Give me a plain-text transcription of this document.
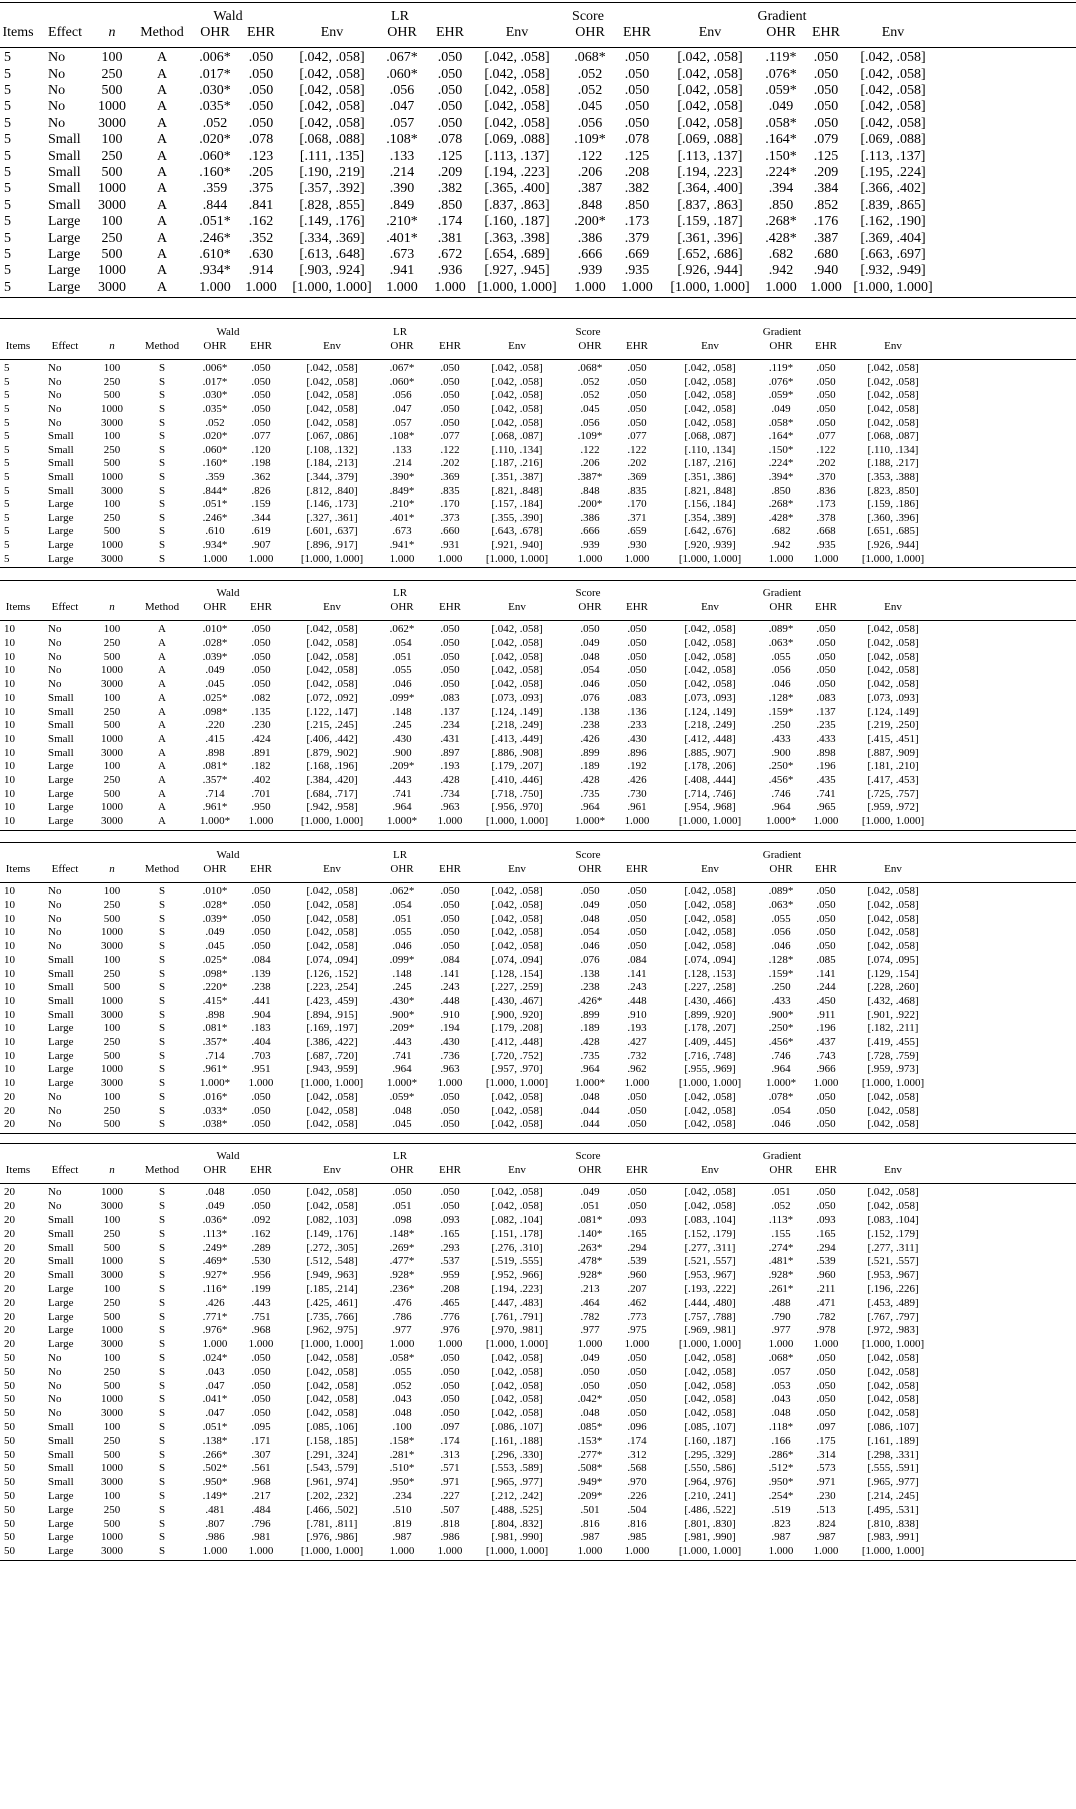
Wald	LR	Score	Gradient
Items	Effect	n	Method	OHR	EHR	Env	OHR	EHR	Env	OHR	EHR	Env	OHR	EHR	Env
5	No	100	A	.006*	.050	[.042, .058]	.067*	.050	[.042, .058]	.068*	.050	[.042, .058]	.119*	.050	[.042, .058]
5	No	250	A	.017*	.050	[.042, .058]	.060*	.050	[.042, .058]	.052	.050	[.042, .058]	.076*	.050	[.042, .058]
5	No	500	A	.030*	.050	[.042, .058]	.056	.050	[.042, .058]	.052	.050	[.042, .058]	.059*	.050	[.042, .058]
5	No	1000	A	.035*	.050	[.042, .058]	.047	.050	[.042, .058]	.045	.050	[.042, .058]	.049	.050	[.042, .058]
5	No	3000	A	.052	.050	[.042, .058]	.057	.050	[.042, .058]	.056	.050	[.042, .058]	.058*	.050	[.042, .058]
5	Small	100	A	.020*	.078	[.068, .088]	.108*	.078	[.069, .088]	.109*	.078	[.069, .088]	.164*	.079	[.069, .088]
5	Small	250	A	.060*	.123	[.111, .135]	.133	.125	[.113, .137]	.122	.125	[.113, .137]	.150*	.125	[.113, .137]
5	Small	500	A	.160*	.205	[.190, .219]	.214	.209	[.194, .223]	.206	.208	[.194, .223]	.224*	.209	[.195, .224]
5	Small	1000	A	.359	.375	[.357, .392]	.390	.382	[.365, .400]	.387	.382	[.364, .400]	.394	.384	[.366, .402]
5	Small	3000	A	.844	.841	[.828, .855]	.849	.850	[.837, .863]	.848	.850	[.837, .863]	.850	.852	[.839, .865]
5	Large	100	A	.051*	.162	[.149, .176]	.210*	.174	[.160, .187]	.200*	.173	[.159, .187]	.268*	.176	[.162, .190]
5	Large	250	A	.246*	.352	[.334, .369]	.401*	.381	[.363, .398]	.386	.379	[.361, .396]	.428*	.387	[.369, .404]
5	Large	500	A	.610*	.630	[.613, .648]	.673	.672	[.654, .689]	.666	.669	[.652, .686]	.682	.680	[.663, .697]
5	Large	1000	A	.934*	.914	[.903, .924]	.941	.936	[.927, .945]	.939	.935	[.926, .944]	.942	.940	[.932, .949]
5	Large	3000	A	1.000	1.000	[1.000, 1.000]	1.000	1.000 [1.000, 1.000]	1.000	1.000	[1.000, 1.000]	1.000 1.000 [1.000, 1.000]
Wald	LR	Score	Gradient
Items	Effect	n	Method	OHR	EHR	Env	OHR	EHR	Env	OHR	EHR	Env	OHR	EHR	Env
5	No	100	S	.006*	.050	[.042, .058]	.067*	.050	[.042, .058]	.068*	.050	[.042, .058]	.119*	.050	[.042, .058]
5	No	250	S	.017*	.050	[.042, .058]	.060*	.050	[.042, .058]	.052	.050	[.042, .058]	.076*	.050	[.042, .058]
5	No	500	S	.030*	.050	[.042, .058]	.056	.050	[.042, .058]	.052	.050	[.042, .058]	.059*	.050	[.042, .058]
5	No	1000	S	.035*	.050	[.042, .058]	.047	.050	[.042, .058]	.045	.050	[.042, .058]	.049	.050	[.042, .058]
5	No	3000	S	.052	.050	[.042, .058]	.057	.050	[.042, .058]	.056	.050	[.042, .058]	.058*	.050	[.042, .058]
5	Small	100	S	.020*	.077	[.067, .086]	.108*	.077	[.068, .087]	.109*	.077	[.068, .087]	.164*	.077	[.068, .087]
5	Small	250	S	.060*	.120	[.108, .132]	.133	.122	[.110, .134]	.122	.122	[.110, .134]	.150*	.122	[.110, .134]
5	Small	500	S	.160*	.198	[.184, .213]	.214	.202	[.187, .216]	.206	.202	[.187, .216]	.224*	.202	[.188, .217]
5	Small	1000	S	.359	.362	[.344, .379]	.390*	.369	[.351, .387]	.387*	.369	[.351, .386]	.394*	.370	[.353, .388]
5	Small	3000	S	.844*	.826	[.812, .840]	.849*	.835	[.821, .848]	.848	.835	[.821, .848]	.850	.836	[.823, .850]
5	Large	100	S	.051*	.159	[.146, .173]	.210*	.170	[.157, .184]	.200*	.170	[.156, .184]	.268*	.173	[.159, .186]
5	Large	250	S	.246*	.344	[.327, .361]	.401*	.373	[.355, .390]	.386	.371	[.354, .389]	.428*	.378	[.360, .396]
5	Large	500	S	.610	.619	[.601, .637]	.673	.660	[.643, .678]	.666	.659	[.642, .676]	.682	.668	[.651, .685]
5	Large	1000	S	.934*	.907	[.896, .917]	.941*	.931	[.921, .940]	.939	.930	[.920, .939]	.942	.935	[.926, .944]
5	Large	3000	S	1.000	1.000	[1.000, 1.000]	1.000	1.000	[1.000, 1.000]	1.000	1.000	[1.000, 1.000]	1.000	1.000	[1.000, 1.000]
Wald	LR	Score	Gradient
Items	Effect	n	Method	OHR	EHR	Env	OHR	EHR	Env	OHR	EHR	Env	OHR	EHR	Env
10	No	100	A	.010*	.050	[.042, .058]	.062*	.050	[.042, .058]	.050	.050	[.042, .058]	.089*	.050	[.042, .058]
10	No	250	A	.028*	.050	[.042, .058]	.054	.050	[.042, .058]	.049	.050	[.042, .058]	.063*	.050	[.042, .058]
10	No	500	A	.039*	.050	[.042, .058]	.051	.050	[.042, .058]	.048	.050	[.042, .058]	.055	.050	[.042, .058]
10	No	1000	A	.049	.050	[.042, .058]	.055	.050	[.042, .058]	.054	.050	[.042, .058]	.056	.050	[.042, .058]
10	No	3000	A	.045	.050	[.042, .058]	.046	.050	[.042, .058]	.046	.050	[.042, .058]	.046	.050	[.042, .058]
10	Small	100	A	.025*	.082	[.072, .092]	.099*	.083	[.073, .093]	.076	.083	[.073, .093]	.128*	.083	[.073, .093]
10	Small	250	A	.098*	.135	[.122, .147]	.148	.137	[.124, .149]	.138	.136	[.124, .149]	.159*	.137	[.124, .149]
10	Small	500	A	.220	.230	[.215, .245]	.245	.234	[.218, .249]	.238	.233	[.218, .249]	.250	.235	[.219, .250]
10	Small	1000	A	.415	.424	[.406, .442]	.430	.431	[.413, .449]	.426	.430	[.412, .448]	.433	.433	[.415, .451]
10	Small	3000	A	.898	.891	[.879, .902]	.900	.897	[.886, .908]	.899	.896	[.885, .907]	.900	.898	[.887, .909]
10	Large	100	A	.081*	.182	[.168, .196]	.209*	.193	[.179, .207]	.189	.192	[.178, .206]	.250*	.196	[.181, .210]
10	Large	250	A	.357*	.402	[.384, .420]	.443	.428	[.410, .446]	.428	.426	[.408, .444]	.456*	.435	[.417, .453]
10	Large	500	A	.714	.701	[.684, .717]	.741	.734	[.718, .750]	.735	.730	[.714, .746]	.746	.741	[.725, .757]
10	Large	1000	A	.961*	.950	[.942, .958]	.964	.963	[.956, .970]	.964	.961	[.954, .968]	.964	.965	[.959, .972]
10	Large	3000	A	1.000*	1.000	[1.000, 1.000]	1.000*	1.000	[1.000, 1.000]	1.000*	1.000	[1.000, 1.000]	1.000*	1.000	[1.000, 1.000]
Wald	LR	Score	Gradient
Items	Effect	n	Method	OHR	EHR	Env	OHR	EHR	Env	OHR	EHR	Env	OHR	EHR	Env
10	No	100	S	.010*	.050	[.042, .058]	.062*	.050	[.042, .058]	.050	.050	[.042, .058]	.089*	.050	[.042, .058]
10	No	250	S	.028*	.050	[.042, .058]	.054	.050	[.042, .058]	.049	.050	[.042, .058]	.063*	.050	[.042, .058]
10	No	500	S	.039*	.050	[.042, .058]	.051	.050	[.042, .058]	.048	.050	[.042, .058]	.055	.050	[.042, .058]
10	No	1000	S	.049	.050	[.042, .058]	.055	.050	[.042, .058]	.054	.050	[.042, .058]	.056	.050	[.042, .058]
10	No	3000	S	.045	.050	[.042, .058]	.046	.050	[.042, .058]	.046	.050	[.042, .058]	.046	.050	[.042, .058]
10	Small	100	S	.025*	.084	[.074, .094]	.099*	.084	[.074, .094]	.076	.084	[.074, .094]	.128*	.085	[.074, .095]
10	Small	250	S	.098*	.139	[.126, .152]	.148	.141	[.128, .154]	.138	.141	[.128, .153]	.159*	.141	[.129, .154]
10	Small	500	S	.220*	.238	[.223, .254]	.245	.243	[.227, .259]	.238	.243	[.227, .258]	.250	.244	[.228, .260]
10	Small	1000	S	.415*	.441	[.423, .459]	.430*	.448	[.430, .467]	.426*	.448	[.430, .466]	.433	.450	[.432, .468]
10	Small	3000	S	.898	.904	[.894, .915]	.900*	.910	[.900, .920]	.899	.910	[.899, .920]	.900*	.911	[.901, .922]
10	Large	100	S	.081*	.183	[.169, .197]	.209*	.194	[.179, .208]	.189	.193	[.178, .207]	.250*	.196	[.182, .211]
10	Large	250	S	.357*	.404	[.386, .422]	.443	.430	[.412, .448]	.428	.427	[.409, .445]	.456*	.437	[.419, .455]
10	Large	500	S	.714	.703	[.687, .720]	.741	.736	[.720, .752]	.735	.732	[.716, .748]	.746	.743	[.728, .759]
10	Large	1000	S	.961*	.951	[.943, .959]	.964	.963	[.957, .970]	.964	.962	[.955, .969]	.964	.966	[.959, .973]
10	Large	3000	S	1.000*	1.000	[1.000, 1.000]	1.000*	1.000	[1.000, 1.000]	1.000*	1.000	[1.000, 1.000]	1.000*	1.000	[1.000, 1.000]
20	No	100	S	.016*	.050	[.042, .058]	.059*	.050	[.042, .058]	.048	.050	[.042, .058]	.078*	.050	[.042, .058]
20	No	250	S	.033*	.050	[.042, .058]	.048	.050	[.042, .058]	.044	.050	[.042, .058]	.054	.050	[.042, .058]
20	No	500	S	.038*	.050	[.042, .058]	.045	.050	[.042, .058]	.044	.050	[.042, .058]	.046	.050	[.042, .058]
Wald	LR	Score	Gradient
Items	Effect	n	Method	OHR	EHR	Env	OHR	EHR	Env	OHR	EHR	Env	OHR	EHR	Env
20	No	1000	S	.048	.050	[.042, .058]	.050	.050	[.042, .058]	.049	.050	[.042, .058]	.051	.050	[.042, .058]
20	No	3000	S	.049	.050	[.042, .058]	.051	.050	[.042, .058]	.051	.050	[.042, .058]	.052	.050	[.042, .058]
20	Small	100	S	.036*	.092	[.082, .103]	.098	.093	[.082, .104]	.081*	.093	[.083, .104]	.113*	.093	[.083, .104]
20	Small	250	S	.113*	.162	[.149, .176]	.148*	.165	[.151, .178]	.140*	.165	[.152, .179]	.155	.165	[.152, .179]
20	Small	500	S	.249*	.289	[.272, .305]	.269*	.293	[.276, .310]	.263*	.294	[.277, .311]	.274*	.294	[.277, .311]
20	Small	1000	S	.469*	.530	[.512, .548]	.477*	.537	[.519, .555]	.478*	.539	[.521, .557]	.481*	.539	[.521, .557]
20	Small	3000	S	.927*	.956	[.949, .963]	.928*	.959	[.952, .966]	.928*	.960	[.953, .967]	.928*	.960	[.953, .967]
20	Large	100	S	.116*	.199	[.185, .214]	.236*	.208	[.194, .223]	.213	.207	[.193, .222]	.261*	.211	[.196, .226]
20	Large	250	S	.426	.443	[.425, .461]	.476	.465	[.447, .483]	.464	.462	[.444, .480]	.488	.471	[.453, .489]
20	Large	500	S	.771*	.751	[.735, .766]	.786	.776	[.761, .791]	.782	.773	[.757, .788]	.790	.782	[.767, .797]
20	Large	1000	S	.976*	.968	[.962, .975]	.977	.976	[.970, .981]	.977	.975	[.969, .981]	.977	.978	[.972, .983]
20	Large	3000	S	1.000	1.000	[1.000, 1.000]	1.000	1.000	[1.000, 1.000]	1.000	1.000	[1.000, 1.000]	1.000	1.000	[1.000, 1.000]
50	No	100	S	.024*	.050	[.042, .058]	.058*	.050	[.042, .058]	.049	.050	[.042, .058]	.068*	.050	[.042, .058]
50	No	250	S	.043	.050	[.042, .058]	.055	.050	[.042, .058]	.050	.050	[.042, .058]	.057	.050	[.042, .058]
50	No	500	S	.047	.050	[.042, .058]	.052	.050	[.042, .058]	.050	.050	[.042, .058]	.053	.050	[.042, .058]
50	No	1000	S	.041*	.050	[.042, .058]	.043	.050	[.042, .058]	.042*	.050	[.042, .058]	.043	.050	[.042, .058]
50	No	3000	S	.047	.050	[.042, .058]	.048	.050	[.042, .058]	.048	.050	[.042, .058]	.048	.050	[.042, .058]
50	Small	100	S	.051*	.095	[.085, .106]	.100	.097	[.086, .107]	.085*	.096	[.085, .107]	.118*	.097	[.086, .107]
50	Small	250	S	.138*	.171	[.158, .185]	.158*	.174	[.161, .188]	.153*	.174	[.160, .187]	.166	.175	[.161, .189]
50	Small	500	S	.266*	.307	[.291, .324]	.281*	.313	[.296, .330]	.277*	.312	[.295, .329]	.286*	.314	[.298, .331]
50	Small	1000	S	.502*	.561	[.543, .579]	.510*	.571	[.553, .589]	.508*	.568	[.550, .586]	.512*	.573	[.555, .591]
50	Small	3000	S	.950*	.968	[.961, .974]	.950*	.971	[.965, .977]	.949*	.970	[.964, .976]	.950*	.971	[.965, .977]
50	Large	100	S	.149*	.217	[.202, .232]	.234	.227	[.212, .242]	.209*	.226	[.210, .241]	.254*	.230	[.214, .245]
50	Large	250	S	.481	.484	[.466, .502]	.510	.507	[.488, .525]	.501	.504	[.486, .522]	.519	.513	[.495, .531]
50	Large	500	S	.807	.796	[.781, .811]	.819	.818	[.804, .832]	.816	.816	[.801, .830]	.823	.824	[.810, .838]
50	Large	1000	S	.986	.981	[.976, .986]	.987	.986	[.981, .990]	.987	.985	[.981, .990]	.987	.987	[.983, .991]
50	Large	3000	S	1.000	1.000	[1.000, 1.000]	1.000	1.000	[1.000, 1.000]	1.000	1.000	[1.000, 1.000]	1.000	1.000	[1.000, 1.000]
